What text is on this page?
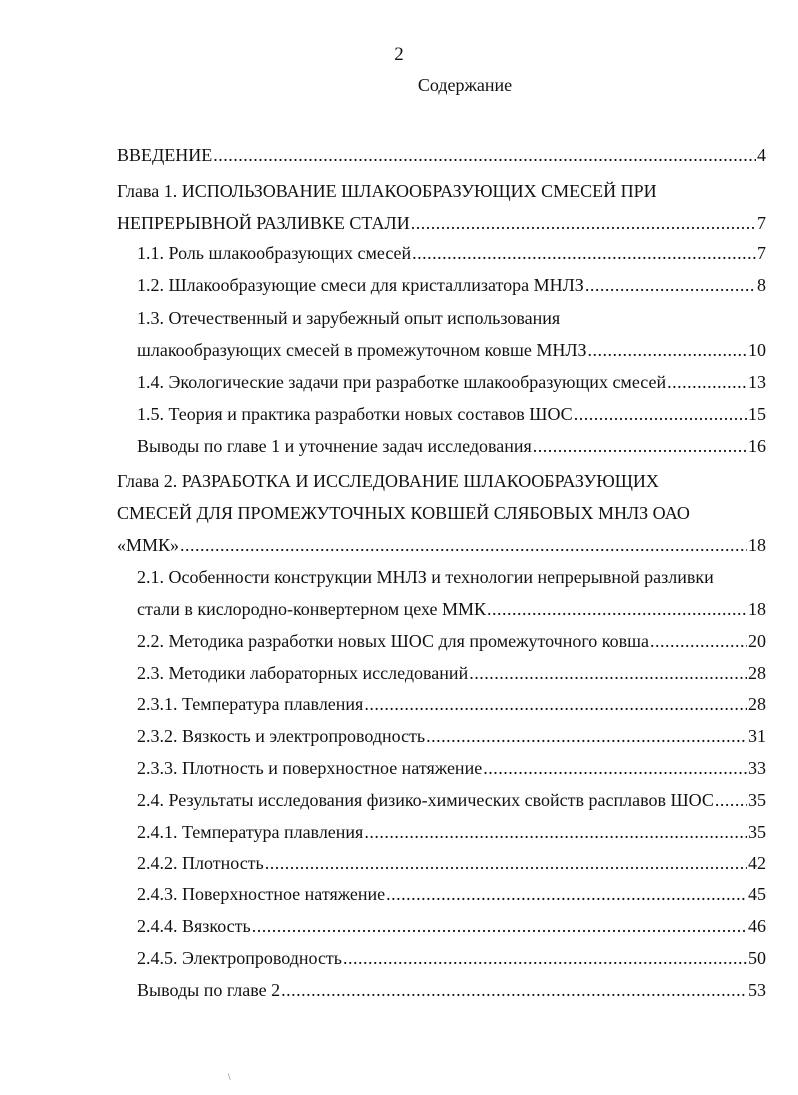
2
Содержание
ВВЕДЕНИЕ .....	4
Глава 1. ИСПОЛЬЗОВАНИЕ ШЛАКООБРАЗУЮЩИХ СМЕСЕЙ ПРИ
НЕПРЕРЫВНОЙ РАЗЛИВКЕ СТАЛИ .....	7
1.1. Роль шлакообразующих смесей .....	7
1.2. Шлакообразующие смеси для кристаллизатора МНЛЗ .....	8
1.3. Отечественный и зарубежный опыт использования
шлакообразующих смесей в промежуточном ковше МНЛЗ .....	10
1.4. Экологические задачи при разработке шлакообразующих смесей .....	13
1.5. Теория и практика разработки новых составов ШОС .....	15
Выводы по главе 1 и уточнение задач исследования .....	16
Глава 2. РАЗРАБОТКА И ИССЛЕДОВАНИЕ ШЛАКООБРАЗУЮЩИХ
СМЕСЕЙ ДЛЯ ПРОМЕЖУТОЧНЫХ КОВШЕЙ СЛЯБОВЫХ МНЛЗ ОАО
«ММК» .....	18
2.1. Особенности конструкции МНЛЗ и технологии непрерывной разливки
стали в кислородно-конвертерном цехе ММК .....	18
2.2. Методика разработки новых ШОС для промежуточного ковша .....	20
2.3. Методики лабораторных исследований .....	28
2.3.1. Температура плавления .....	28
2.3.2. Вязкость и электропроводность .....	31
2.3.3. Плотность и поверхностное натяжение .....	33
2.4. Результаты исследования физико-химических свойств расплавов ШОС ..... 35
2.4.1. Температура плавления .....	35
2.4.2. Плотность .....	42
2.4.3. Поверхностное натяжение .....	45
2.4.4. Вязкость .....	46
2.4.5. Электропроводность .....	50
Выводы по главе 2 .....	53
\
